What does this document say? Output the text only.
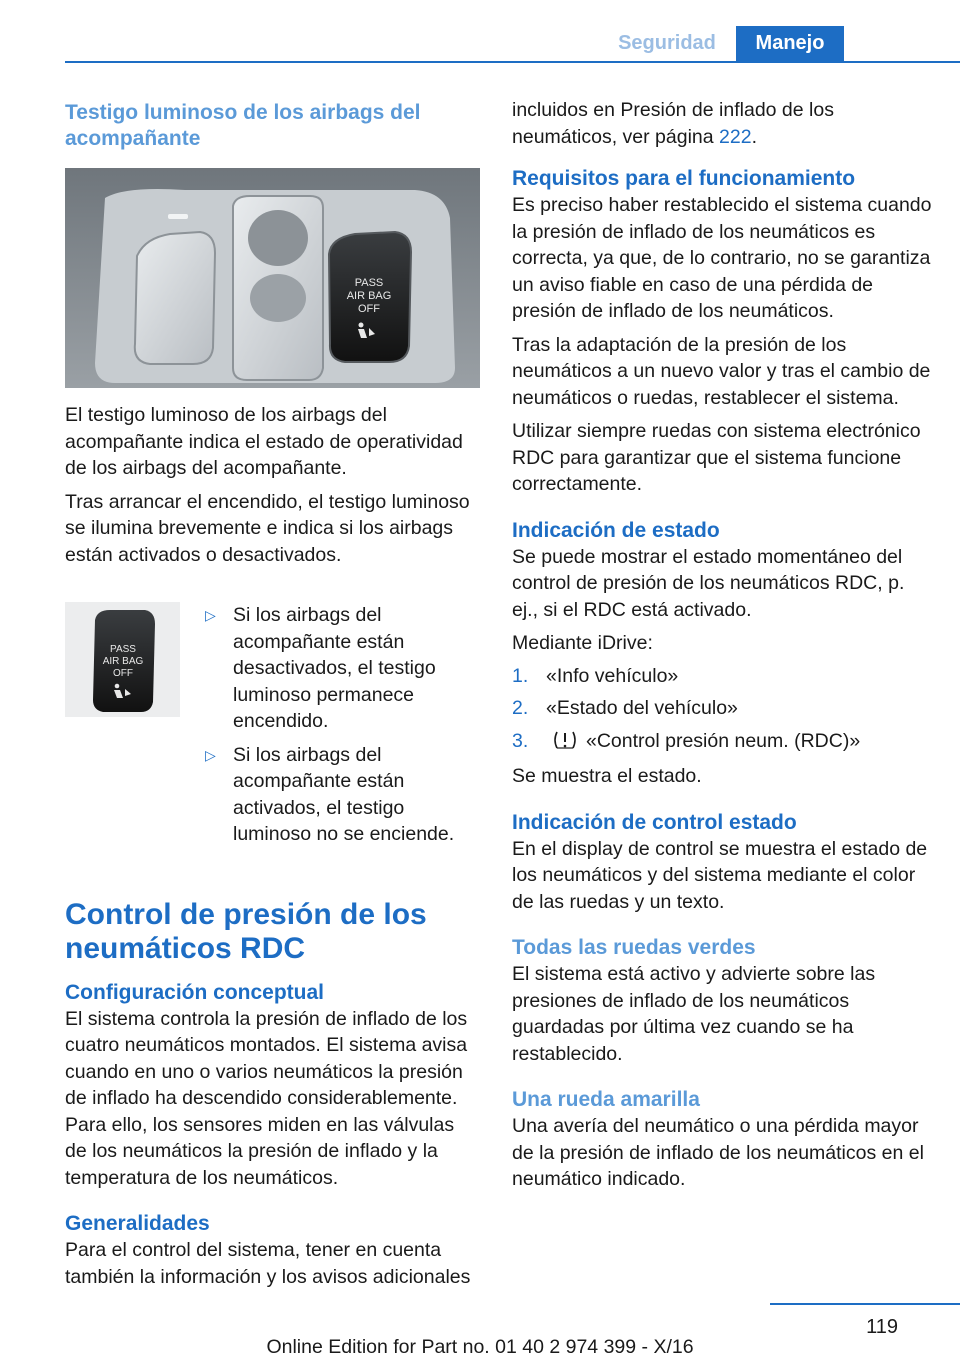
Seguridad	Manejo
Testigo luminoso de los airbags del acompañante
PASS
AIR BAG
OFF

El testigo luminoso de los airbags del acompañante indica el estado de operatividad de los airbags del acompañante.

Tras arrancar el encendido, el testigo luminoso se ilumina brevemente e indica si los airbags están activados o desactivados.

PASS
AIR BAG
OFF
▷ Si los airbags del acompañante están desactivados, el testigo luminoso permanece encendido.

▷ Si los airbags del acompañante están activados, el testigo luminoso no se enciende.

Control de presión de los neumáticos RDC
Configuración conceptual

El sistema controla la presión de inflado de los cuatro neumáticos montados. El sistema avisa cuando en uno o varios neumáticos la presión de inflado ha descendido considerablemente. Para ello, los sensores miden en las válvulas de los neumáticos la presión de inflado y la temperatura de los neumáticos.

Generalidades

Para el control del sistema, tener en cuenta también la información y los avisos adicionales

incluidos en Presión de inflado de los neumáticos, ver página 222.

Requisitos para el funcionamiento

Es preciso haber restablecido el sistema cuando la presión de inflado de los neumáticos es correcta, ya que, de lo contrario, no se garantiza un aviso fiable en caso de una pérdida de presión de inflado de los neumáticos.

Tras la adaptación de la presión de los neumáticos a un nuevo valor y tras el cambio de neumáticos o ruedas, restablecer el sistema.

Utilizar siempre ruedas con sistema electrónico RDC para garantizar que el sistema funcione correctamente.

Indicación de estado

Se puede mostrar el estado momentáneo del control de presión de los neumáticos RDC, p. ej., si el RDC está activado.

Mediante iDrive:

1. «Info vehículo»

2. «Estado del vehículo»

3.	«Control presión neum. (RDC)»

Se muestra el estado.

Indicación de control estado

En el display de control se muestra el estado de los neumáticos y del sistema mediante el color de las ruedas y un texto.

Todas las ruedas verdes

El sistema está activo y advierte sobre las presiones de inflado de los neumáticos guardadas por última vez cuando se ha restablecido.

Una rueda amarilla

Una avería del neumático o una pérdida mayor de la presión de inflado de los neumáticos en el neumático indicado.

119
Online Edition for Part no. 01 40 2 974 399 - X/16
